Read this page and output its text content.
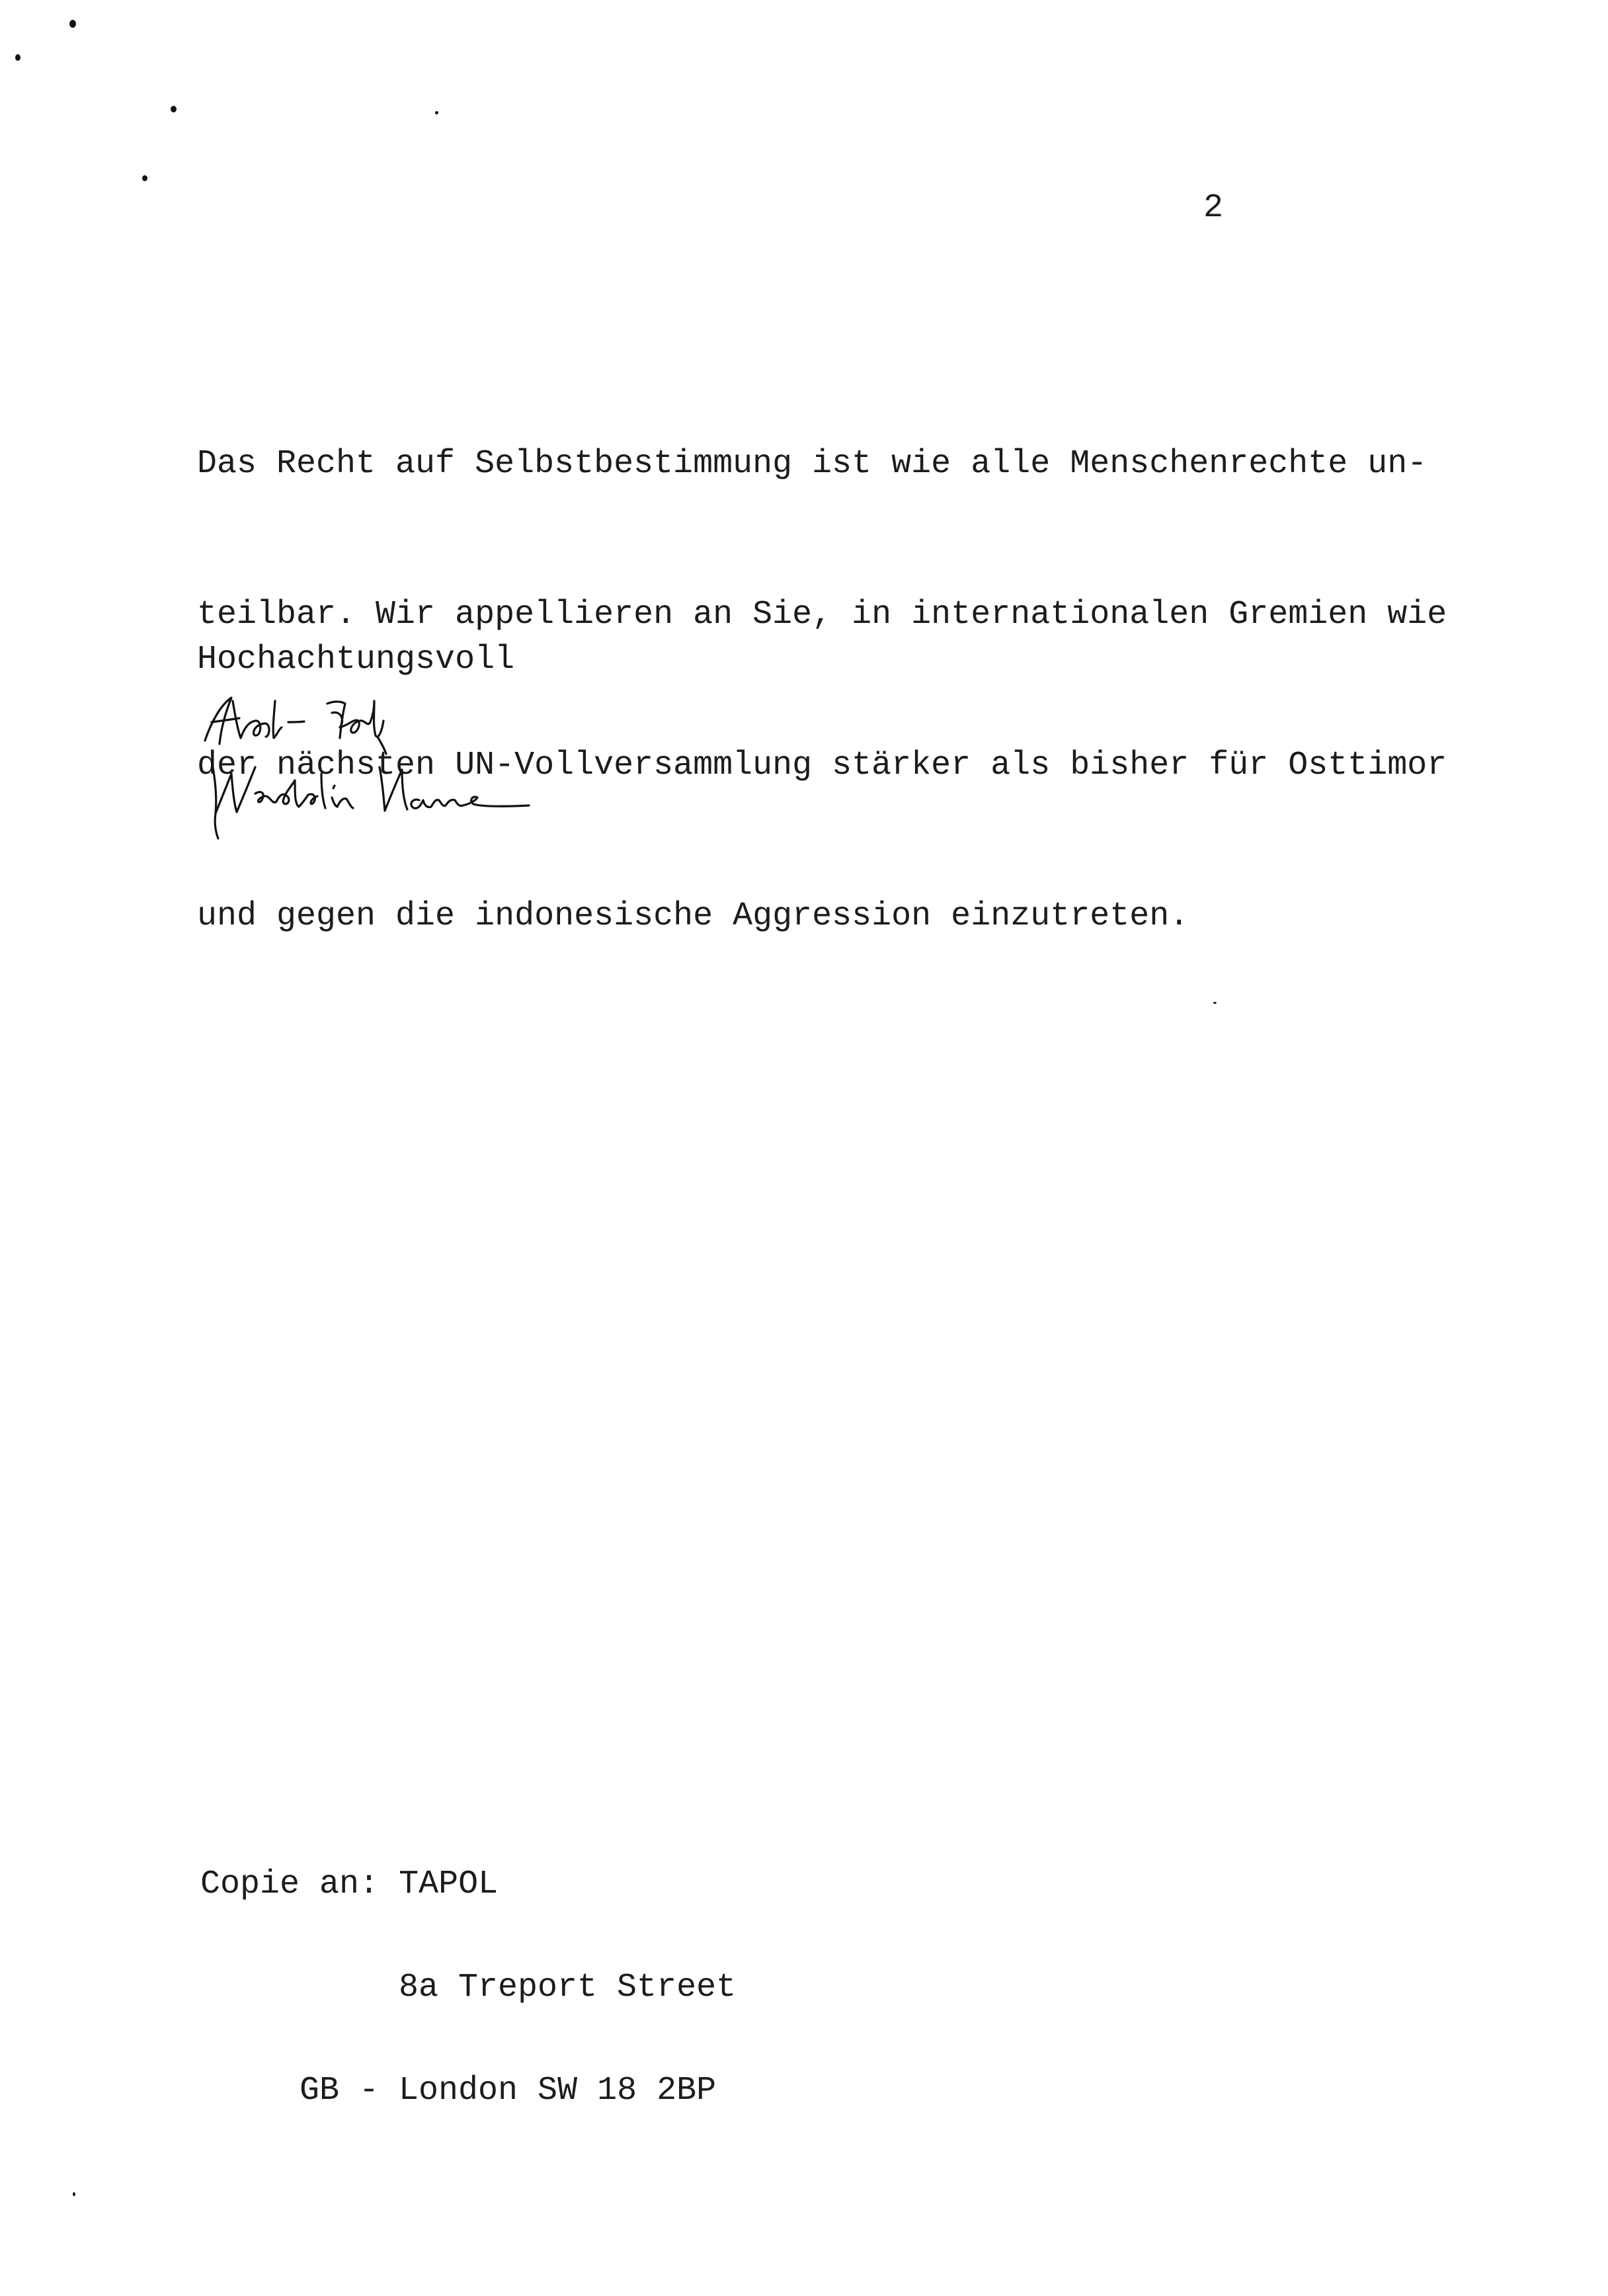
2

Das Recht auf Selbstbestimmung ist wie alle Menschenrechte un-

teilbar. Wir appellieren an Sie, in internationalen Gremien wie

der nächsten UN-Vollversammlung stärker als bisher für Osttimor

und gegen die indonesische Aggression einzutreten.

Hochachtungsvoll

Copie an: TAPOL

8a Treport Street

GB - London SW 18 2BP
